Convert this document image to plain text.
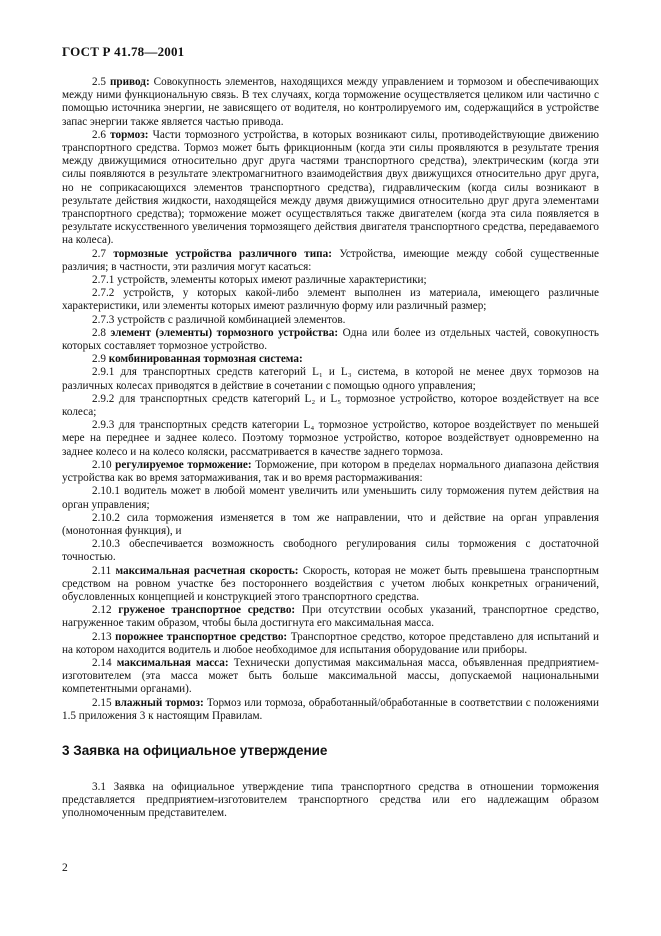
ГОСТ Р 41.78—2001

2.5 привод: Совокупность элементов, находящихся между управлением и тормозом и обеспечивающих между ними функциональную связь. В тех случаях, когда торможение осуществляется целиком или частично с помощью источника энергии, не зависящего от водителя, но контролируемого им, содержащийся в устройстве запас энергии также является частью привода.

2.6 тормоз: Части тормозного устройства, в которых возникают силы, противодействующие движению транспортного средства. Тормоз может быть фрикционным (когда эти силы проявляются в результате трения между движущимися относительно друг друга частями транспортного средства), электрическим (когда эти силы появляются в результате электромагнитного взаимодействия двух движущихся относительно друг друга, но не соприкасающихся элементов транспортного средства), гидравлическим (когда силы возникают в результате действия жидкости, находящейся между двумя движущимися относительно друг друга элементами транспортного средства); торможение может осуществляться также двигателем (когда эта сила появляется в результате искусственного увеличения тормозящего действия двигателя транспортного средства, передаваемого на колеса).

2.7 тормозные устройства различного типа: Устройства, имеющие между собой существенные различия; в частности, эти различия могут касаться:

2.7.1 устройств, элементы которых имеют различные характеристики;

2.7.2 устройств, у которых какой-либо элемент выполнен из материала, имеющего различные характеристики, или элементы которых имеют различную форму или различный размер;

2.7.3 устройств с различной комбинацией элементов.

2.8 элемент (элементы) тормозного устройства: Одна или более из отдельных частей, совокупность которых составляет тормозное устройство.

2.9 комбинированная тормозная система:

2.9.1 для транспортных средств категорий L₁ и L₃ система, в которой не менее двух тормозов на различных колесах приводятся в действие в сочетании с помощью одного управления;

2.9.2 для транспортных средств категорий L₂ и L₅ тормозное устройство, которое воздействует на все колеса;

2.9.3 для транспортных средств категории L₄ тормозное устройство, которое воздействует по меньшей мере на переднее и заднее колесо. Поэтому тормозное устройство, которое воздействует одновременно на заднее колесо и на колесо коляски, рассматривается в качестве заднего тормоза.

2.10 регулируемое торможение: Торможение, при котором в пределах нормального диапазона действия устройства как во время затормаживания, так и во время растормаживания:

2.10.1 водитель может в любой момент увеличить или уменьшить силу торможения путем действия на орган управления;

2.10.2 сила торможения изменяется в том же направлении, что и действие на орган управления (монотонная функция), и

2.10.3 обеспечивается возможность свободного регулирования силы торможения с достаточной точностью.

2.11 максимальная расчетная скорость: Скорость, которая не может быть превышена транспортным средством на ровном участке без постороннего воздействия с учетом любых конкретных ограничений, обусловленных концепцией и конструкцией этого транспортного средства.

2.12 груженое транспортное средство: При отсутствии особых указаний, транспортное средство, нагруженное таким образом, чтобы была достигнута его максимальная масса.

2.13 порожнее транспортное средство: Транспортное средство, которое представлено для испытаний и на котором находится водитель и любое необходимое для испытания оборудование или приборы.

2.14 максимальная масса: Технически допустимая максимальная масса, объявленная предприятием-изготовителем (эта масса может быть больше максимальной массы, допускаемой национальными компетентными органами).

2.15 влажный тормоз: Тормоз или тормоза, обработанный/обработанные в соответствии с положениями 1.5 приложения 3 к настоящим Правилам.

3 Заявка на официальное утверждение

3.1 Заявка на официальное утверждение типа транспортного средства в отношении торможения представляется предприятием-изготовителем транспортного средства или его надлежащим образом уполномоченным представителем.

2
